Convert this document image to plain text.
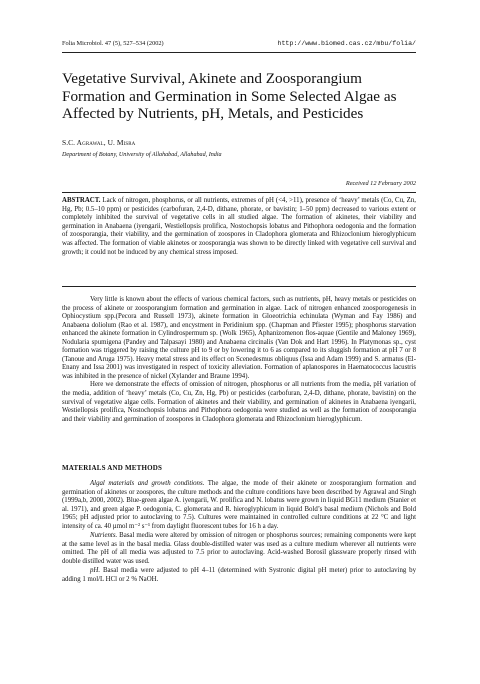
Folia Microbiol. 47 (5), 527–534 (2002)	http://www.biomed.cas.cz/mbu/folia/
Vegetative Survival, Akinete and Zoosporangium Formation and Germination in Some Selected Algae as Affected by Nutrients, pH, Metals, and Pesticides
S.C. Agrawal, U. Misra
Department of Botany, University of Allahabad, Allahabad, India
Received 12 February 2002
ABSTRACT. Lack of nitrogen, phosphorus, or all nutrients, extremes of pH (<4, >11), presence of ‘heavy’ metals (Co, Cu, Zn, Hg, Pb; 0.5–10 ppm) or pesticides (carbofuran, 2,4-D, dithane, phorate, or bavistin; 1–50 ppm) decreased to various extent or completely inhibited the survival of vegetative cells in all studied algae. The formation of akinetes, their viability and germination in Anabaena (iyengarii, Westiellopsis prolifica, Nostochopsis lobatus and Pithophora oedogonia and the formation of zoosporangia, their viability, and the germination of zoospores in Cladophora glomerata and Rhizoclonium hieroglyphicum was affected. The formation of viable akinetes or zoosporangia was shown to be directly linked with vegetative cell survival and growth; it could not be induced by any chemical stress imposed.

Very little is known about the effects of various chemical factors, such as nutrients, pH, heavy metals or pesticides on the process of akinete or zoosporangium formation and germination in algae. Lack of nitrogen enhanced zoosporogenesis in Ophiocystium spp.(Pecora and Russell 1973), akinete formation in Gloeotrichia echinulata (Wyman and Fay 1986) and Anabaena doliolum (Rao et al. 1987), and encystment in Peridinium spp. (Chapman and Pfiester 1995); phosphorus starvation enhanced the akinete formation in Cylindrospermum sp. (Wolk 1965), Aphanizomenon flos-aquae (Gentile and Maloney 1969), Nodularia spumigena (Pandey and Talpasayi 1980) and Anabaena circinalis (Van Dok and Hart 1996). In Platymonas sp., cyst formation was triggered by raising the culture pH to 9 or by lowering it to 6 as compared to its sluggish formation at pH 7 or 8 (Tanoue and Aruga 1975). Heavy metal stress and its effect on Scenedesmus obliquus (Issa and Adam 1999) and S. armatus (El-Enany and Issa 2001) was investigated in respect of toxicity alleviation. Formation of aplanospores in Haematococcus lacustris was inhibited in the presence of nickel (Xylander and Braune 1994).

Here we demonstrate the effects of omission of nitrogen, phosphorus or all nutrients from the media, pH variation of the media, addition of ‘heavy’ metals (Co, Cu, Zn, Hg, Pb) or pesticides (carbofuran, 2,4-D, dithane, phorate, bavistin) on the survival of vegetative algae cells. Formation of akinetes and their viability, and germination of akinetes in Anabaena iyengarii, Westiellopsis prolifica, Nostochopsis lobatus and Pithophora oedogonia were studied as well as the formation of zoosporangia and their viability and germination of zoospores in Cladophora glomerata and Rhizoclonium hieroglyphicum.

MATERIALS AND METHODS

Algal materials and growth conditions. The algae, the mode of their akinete or zoosporangium formation and germination of akinetes or zoospores, the culture methods and the culture conditions have been described by Agrawal and Singh (1999a,b, 2000, 2002). Blue-green algae A. iyengarii, W. prolifica and N. lobatus were grown in liquid BG11 medium (Stanier et al. 1971), and green algae P. oedogonia, C. glomerata and R. hieroglyphicum in liquid Bold’s basal medium (Nichols and Bold 1965; pH adjusted prior to autoclaving to 7.5). Cultures were maintained in controlled culture conditions at 22 °C and light intensity of ca. 40 µmol m⁻² s⁻¹ from daylight fluorescent tubes for 16 h a day.

Nutrients. Basal media were altered by omission of nitrogen or phosphorus sources; remaining components were kept at the same level as in the basal media. Glass double-distilled water was used as a culture medium wherever all nutrients were omitted. The pH of all media was adjusted to 7.5 prior to autoclaving. Acid-washed Borosil glassware properly rinsed with double distilled water was used.

pH. Basal media were adjusted to pH 4–11 (determined with Systronic digital pH meter) prior to autoclaving by adding 1 mol/L HCl or 2 % NaOH.
